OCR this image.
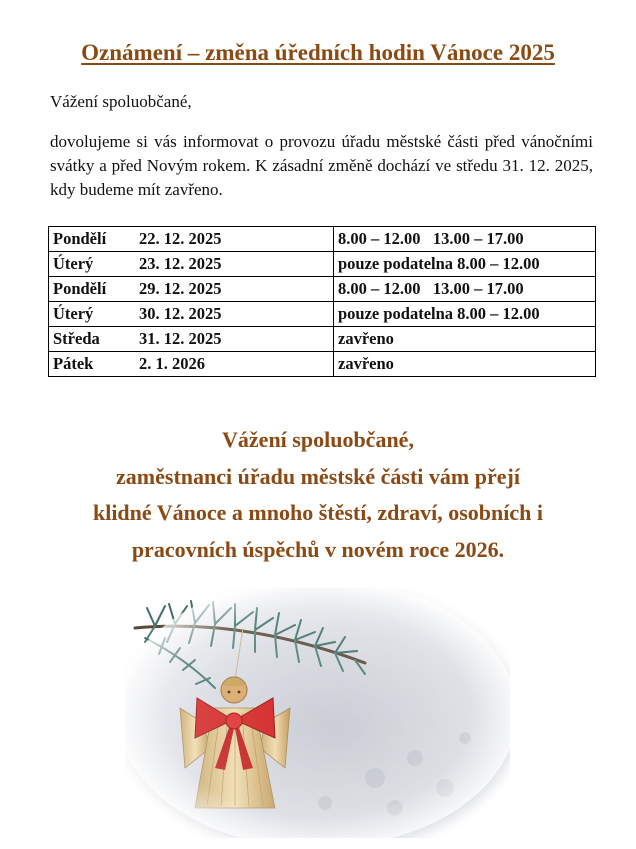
Oznámení – změna úředních hodin Vánoce 2025

Vážení spoluobčané,

dovolujeme si vás informovat o provozu úřadu městské části před vánočními svátky a před Novým rokem. K zásadní změně dochází ve středu 31. 12. 2025, kdy budeme mít zavřeno.

Pondělí 22. 12. 2025	8.00 – 12.00   13.00 – 17.00
Úterý 23. 12. 2025	pouze podatelna 8.00 – 12.00
Pondělí 29. 12. 2025	8.00 – 12.00   13.00 – 17.00
Úterý 30. 12. 2025	pouze podatelna 8.00 – 12.00
Středa 31. 12. 2025	zavřeno
Pátek 2. 1. 2026	zavřeno
Vážení spoluobčané,
zaměstnanci úřadu městské části vám přejí
klidné Vánoce a mnoho štěstí, zdraví, osobních i
pracovních úspěchů v novém roce 2026.
